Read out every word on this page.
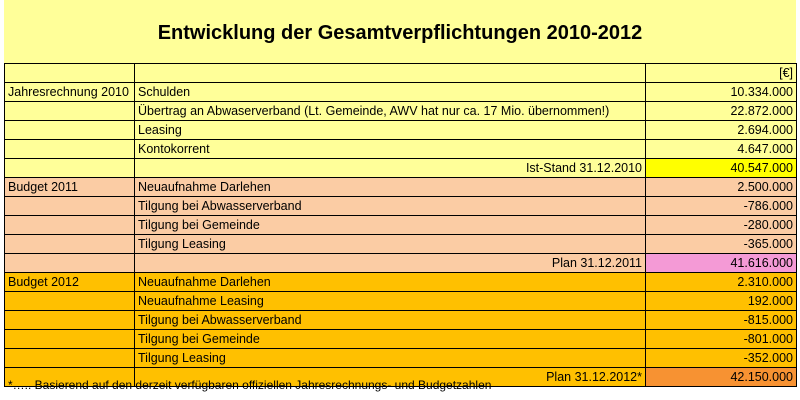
Entwicklung der Gesamtverpflichtungen 2010-2012
		[€]
Jahresrechnung 2010	Schulden	10.334.000
	Übertrag an Abwaserverband (Lt. Gemeinde, AWV hat nur ca. 17 Mio. übernommen!)	22.872.000
	Leasing	2.694.000
	Kontokorrent	4.647.000
	Ist-Stand 31.12.2010	40.547.000
Budget 2011	Neuaufnahme Darlehen	2.500.000
	Tilgung bei Abwasserverband	-786.000
	Tilgung bei Gemeinde	-280.000
	Tilgung Leasing	-365.000
	Plan 31.12.2011	41.616.000
Budget 2012	Neuaufnahme Darlehen	2.310.000
	Neuaufnahme Leasing	192.000
	Tilgung bei Abwasserverband	-815.000
	Tilgung bei Gemeinde	-801.000
	Tilgung Leasing	-352.000
	Plan 31.12.2012*	42.150.000
*….. Basierend auf den derzeit verfügbaren offiziellen Jahresrechnungs- und Budgetzahlen
